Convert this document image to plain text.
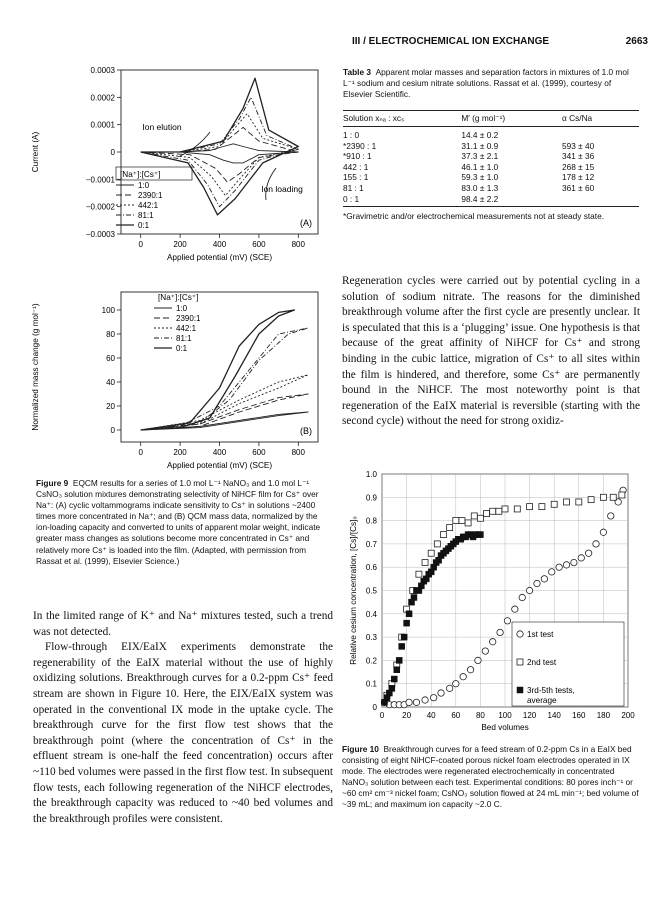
III / ELECTROCHEMICAL ION EXCHANGE	2663
0	200	400	600	800
0.0003
0.0002
0.0001
0
−0.0001
−0.0002
−0.0003
Applied potential (mV) (SCE)
Current (A)
(A)
[Na⁺]:[Cs⁺]
1:0
2390:1
442:1
81:1
0:1
Ion elution
Ion loading
0	200	400	600	800
100
80
60
40
20
0
Applied potential (mV) (SCE)
Normalized mass change (g mol⁻¹)
(B)
[Na⁺]:[Cs⁺]
1:0
2390:1
442:1
81:1
0:1
Figure 9 EQCM results for a series of 1.0 mol L⁻¹ NaNO₃ and 1.0 mol L⁻¹ CsNO₃ solution mixtures demonstrating selectivity of NiHCF film for Cs⁺ over Na⁺: (A) cyclic voltammograms indicate sensitivity to Cs⁺ in solutions ~2400 times more concentrated in Na⁺; and (B) QCM mass data, normalized by the ion-loading capacity and converted to units of apparent molar weight, indicate greater mass changes as solutions become more concentrated in Cs⁺ and relatively more Cs⁺ is loaded into the film. (Adapted, with permission from Rassat et al. (1999), Elsevier Science.)

In the limited range of K⁺ and Na⁺ mixtures tested, such a trend was not detected.

Flow-through EIX/EaIX experiments demonstrate the regenerability of the EaIX material without the use of highly oxidizing solutions. Breakthrough curves for a 0.2-ppm Cs⁺ feed stream are shown in Figure 10. Here, the EIX/EaIX system was operated in the conventional IX mode in the uptake cycle. The breakthrough curve for the first flow test shows that the breakthrough point (where the concentration of Cs⁺ in the effluent stream is one-half the feed concentration) occurs after ~110 bed volumes were passed in the first flow test. In subsequent flow tests, each following regeneration of the NiHCF electrodes, the breakthrough capacity was reduced to ~40 bed volumes and the breakthrough profiles were consistent.

Table 3 Apparent molar masses and separation factors in mixtures of 1.0 mol L⁻¹ sodium and cesium nitrate solutions. Rassat et al. (1999), courtesy of Elsevier Scientific.

Solution xₙₐ : xᴄₛ	M′ (g mol⁻¹)	α Cs/Na
1 : 0	14.4 ± 0.2	
*2390 : 1	31.1 ± 0.9	593 ± 40
*910 : 1	37.3 ± 2.1	341 ± 36
442 : 1	46.1 ± 1.0	268 ± 15
155 : 1	59.3 ± 1.0	178 ± 12
81 : 1	83.0 ± 1.3	361 ± 60
0 : 1	98.4 ± 2.2	
*Gravimetric and/or electrochemical measurements not at steady state.
Regeneration cycles were carried out by potential cycling in a solution of sodium nitrate. The reasons for the diminished breakthrough volume after the first cycle are presently unclear. It is speculated that this is a ‘plugging’ issue. One hypothesis is that because of the great affinity of NiHCF for Cs⁺ and strong binding in the cubic lattice, migration of Cs⁺ to all sites within the film is hindered, and therefore, some Cs⁺ are permanently bound in the NiHCF. The most noteworthy point is that regeneration of the EaIX material is reversible (starting with the second cycle) without the need for strong oxidiz-
0 20 40 60 80 100 120 140 160 180 200
0
0.1
0.2
0.3
0.4
0.5
0.6
0.7
0.8
0.9
1.0
Bed volumes
Relative cesium concentration, [Cs]/[Cs]₀	1st test
2nd test
3rd-5th tests,
average
Figure 10 Breakthrough curves for a feed stream of 0.2-ppm Cs in a EaIX bed consisting of eight NiHCF-coated porous nickel foam electrodes operated in IX mode. The electrodes were regenerated electrochemically in concentrated NaNO₃ solution between each test. Experimental conditions: 80 pores inch⁻¹ or ~60 cm² cm⁻³ nickel foam; CsNO₃ solution flowed at 24 mL min⁻¹; bed volume of ~39 mL; and maximum ion capacity ~2.0 C.
